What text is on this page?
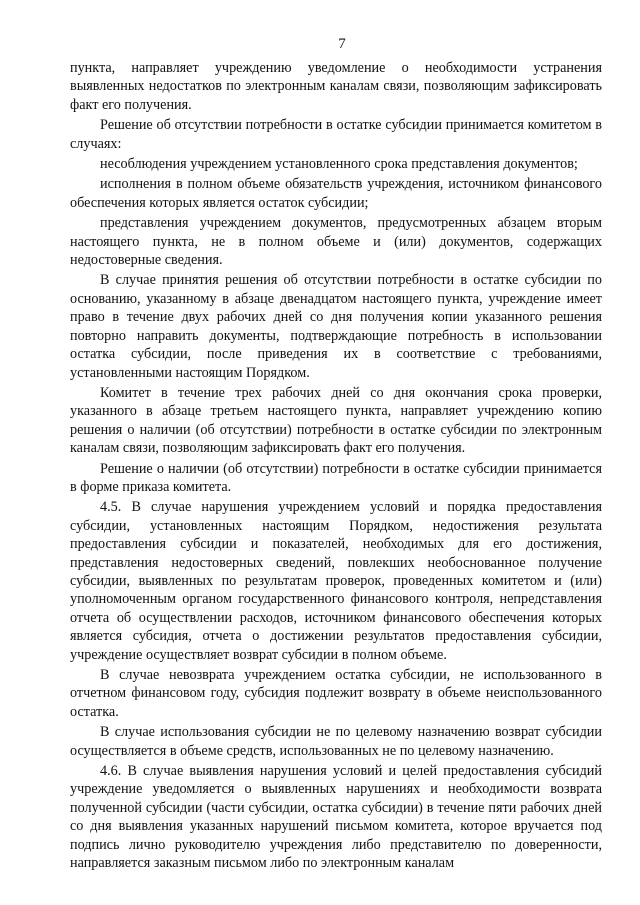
7

пункта, направляет учреждению уведомление о необходимости устранения выявленных недостатков по электронным каналам связи, позволяющим зафиксировать факт его получения.

Решение об отсутствии потребности в остатке субсидии принимается комитетом в случаях:

несоблюдения учреждением установленного срока представления документов;

исполнения в полном объеме обязательств учреждения, источником финансового обеспечения которых является остаток субсидии;

представления учреждением документов, предусмотренных абзацем вторым настоящего пункта, не в полном объеме и (или) документов, содержащих недостоверные сведения.

В случае принятия решения об отсутствии потребности в остатке субсидии по основанию, указанному в абзаце двенадцатом настоящего пункта, учреждение имеет право в течение двух рабочих дней со дня получения копии указанного решения повторно направить документы, подтверждающие потребность в использовании остатка субсидии, после приведения их в соответствие с требованиями, установленными настоящим Порядком.

Комитет в течение трех рабочих дней со дня окончания срока проверки, указанного в абзаце третьем настоящего пункта, направляет учреждению копию решения о наличии (об отсутствии) потребности в остатке субсидии по электронным каналам связи, позволяющим зафиксировать факт его получения.

Решение о наличии (об отсутствии) потребности в остатке субсидии принимается в форме приказа комитета.

4.5. В случае нарушения учреждением условий и порядка предоставления субсидии, установленных настоящим Порядком, недостижения результата предоставления субсидии и показателей, необходимых для его достижения, представления недостоверных сведений, повлекших необоснованное получение субсидии, выявленных по результатам проверок, проведенных комитетом и (или) уполномоченным органом государственного финансового контроля, непредставления отчета об осуществлении расходов, источником финансового обеспечения которых является субсидия, отчета о достижении результатов предоставления субсидии, учреждение осуществляет возврат субсидии в полном объеме.

В случае невозврата учреждением остатка субсидии, не использованного в отчетном финансовом году, субсидия подлежит возврату в объеме неиспользованного остатка.

В случае использования субсидии не по целевому назначению возврат субсидии осуществляется в объеме средств, использованных не по целевому назначению.

4.6. В случае выявления нарушения условий и целей предоставления субсидий учреждение уведомляется о выявленных нарушениях и необходимости возврата полученной субсидии (части субсидии, остатка субсидии) в течение пяти рабочих дней со дня выявления указанных нарушений письмом комитета, которое вручается под подпись лично руководителю учреждения либо представителю по доверенности, направляется заказным письмом либо по электронным каналам
